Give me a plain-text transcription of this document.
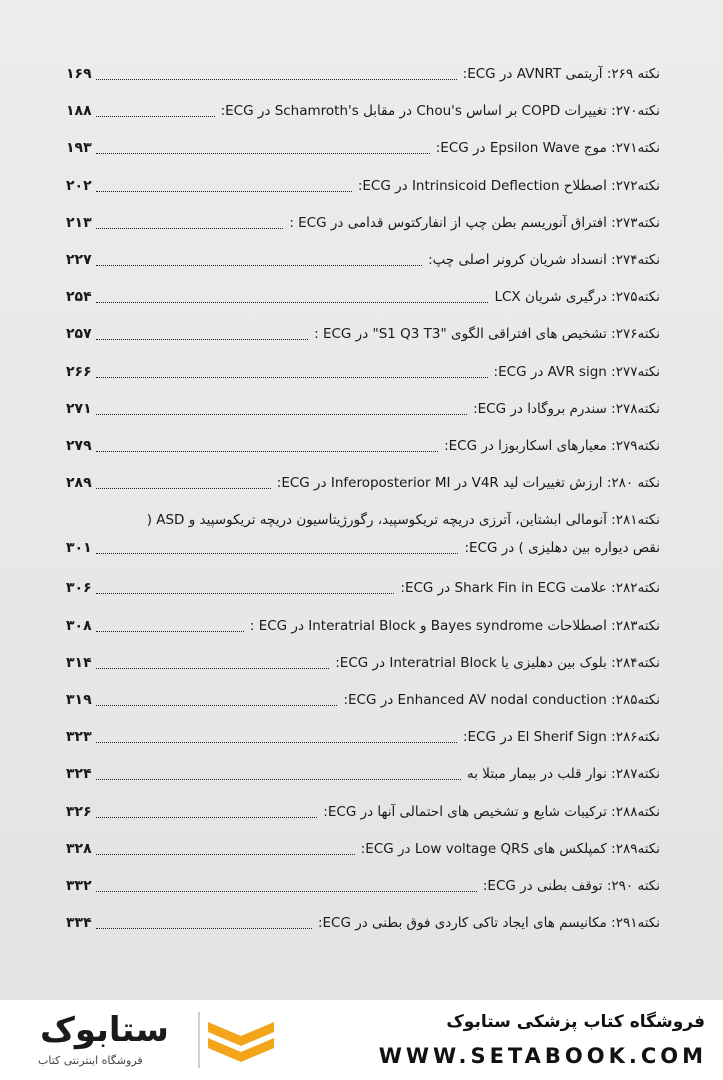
نکته ۲۶۹: آریتمی AVNRT در ECG:
۱۶۹
نکته۲۷۰: تغییرات COPD بر اساس Chou's در مقابل Schamroth's در ECG:
۱۸۸
نکته۲۷۱: موج Epsilon Wave در ECG:
۱۹۳
نکته۲۷۲: اصطلاح Intrinsicoid Deflection در ECG:
۲۰۲
نکته۲۷۳: افتراق آنوریسم بطن چپ از انفارکتوس قدامی در ECG :
۲۱۳
نکته۲۷۴: انسداد شریان کرونر اصلی چپ:
۲۲۷
نکته۲۷۵: درگیری شریان LCX
۲۵۴
نکته۲۷۶: تشخیص های افتراقی الگوی "S1 Q3 T3" در ECG :
۲۵۷
نکته۲۷۷: AVR sign در ECG:
۲۶۶
نکته۲۷۸: سندرم بروگادا در ECG:
۲۷۱
نکته۲۷۹: معیارهای اسکاربوزا در ECG:
۲۷۹
نکته ۲۸۰: ارزش تغییرات لید V4R در Inferoposterior MI در ECG:
۲۸۹
نکته۲۸۱: آنومالی ابشتاین، آترزی دریچه تریکوسپید، رگورژیتاسیون دریچه تریکوسپید و ASD (
نقص دیواره بین دهلیزی ) در ECG:
۳۰۱
نکته۲۸۲: علامت Shark Fin in ECG در ECG:
۳۰۶
نکته۲۸۳: اصطلاحات Bayes syndrome و Interatrial Block در ECG :
۳۰۸
نکته۲۸۴: بلوک بین دهلیزی یا Interatrial Block در ECG:
۳۱۴
نکته۲۸۵: Enhanced AV nodal conduction در ECG:
۳۱۹
نکته۲۸۶: El Sherif Sign در ECG:
۳۲۳
نکته۲۸۷: نوار قلب در بیمار مبتلا به
۳۲۴
نکته۲۸۸: ترکیبات شایع و تشخیص های احتمالی آنها در ECG:
۳۲۶
نکته۲۸۹: کمپلکس های Low voltage QRS در ECG:
۳۲۸
نکته ۲۹۰: توقف بطنی در ECG:
۳۳۲
نکته۲۹۱: مکانیسم های ایجاد تاکی کاردی فوق بطنی در ECG:
۳۳۴
ستابوک
فروشگاه اینترنتی کتاب
فروشگاه کتاب پزشکی ستابوک
WWW.SETABOOK.COM
